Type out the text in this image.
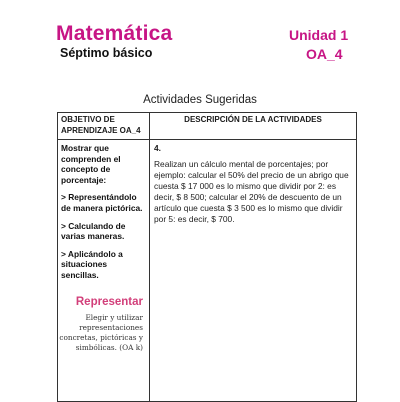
Matemática
Séptimo básico
Unidad 1
OA_4
Actividades Sugeridas
OBJETIVO DE APRENDIZAJE OA_4
DESCRIPCIÓN DE LA ACTIVIDADES

Mostrar que comprenden el concepto de porcentaje:

> Representándolo de manera pictórica.

> Calculando de varias maneras.

> Aplicándolo a situaciones sencillas.

Representar

Elegir y utilizar representaciones concretas, pictóricas y simbólicas. (OA k)

4.

Realizan un cálculo mental de porcentajes; por ejemplo: calcular el 50% del precio de un abrigo que cuesta $ 17 000 es lo mismo que dividir por 2: es decir, $ 8 500; calcular el 20% de descuento de un artículo que cuesta $ 3 500 es lo mismo que dividir por 5: es decir, $ 700.
